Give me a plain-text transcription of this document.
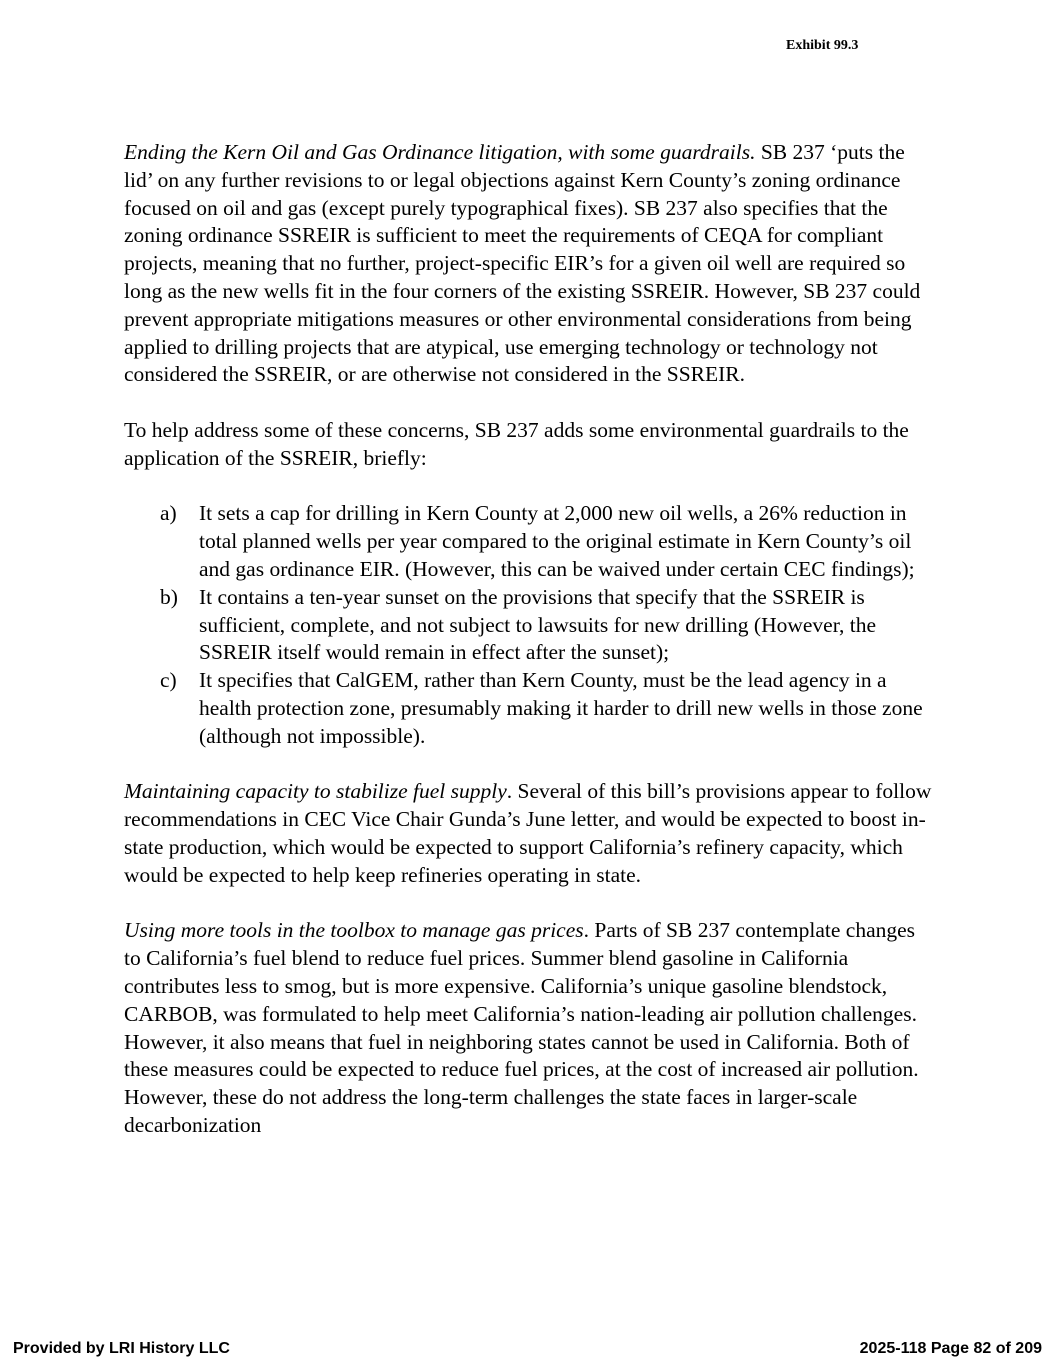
Exhibit 99.3

Ending the Kern Oil and Gas Ordinance litigation, with some guardrails. SB 237 ‘puts the lid’ on any further revisions to or legal objections against Kern County’s zoning ordinance focused on oil and gas (except purely typographical fixes). SB 237 also specifies that the zoning ordinance SSREIR is sufficient to meet the requirements of CEQA for compliant projects, meaning that no further, project-specific EIR’s for a given oil well are required so long as the new wells fit in the four corners of the existing SSREIR. However, SB 237 could prevent appropriate mitigations measures or other environmental considerations from being applied to drilling projects that are atypical, use emerging technology or technology not considered the SSREIR, or are otherwise not considered in the SSREIR.

To help address some of these concerns, SB 237 adds some environmental guardrails to the application of the SSREIR, briefly:

a) It sets a cap for drilling in Kern County at 2,000 new oil wells, a 26% reduction in total planned wells per year compared to the original estimate in Kern County’s oil and gas ordinance EIR. (However, this can be waived under certain CEC findings);
b) It contains a ten-year sunset on the provisions that specify that the SSREIR is sufficient, complete, and not subject to lawsuits for new drilling (However, the SSREIR itself would remain in effect after the sunset);
c) It specifies that CalGEM, rather than Kern County, must be the lead agency in a health protection zone, presumably making it harder to drill new wells in those zone (although not impossible).

Maintaining capacity to stabilize fuel supply. Several of this bill’s provisions appear to follow recommendations in CEC Vice Chair Gunda’s June letter, and would be expected to boost in-state production, which would be expected to support California’s refinery capacity, which would be expected to help keep refineries operating in state.

Using more tools in the toolbox to manage gas prices. Parts of SB 237 contemplate changes to California’s fuel blend to reduce fuel prices. Summer blend gasoline in California contributes less to smog, but is more expensive. California’s unique gasoline blendstock, CARBOB, was formulated to help meet California’s nation-leading air pollution challenges. However, it also means that fuel in neighboring states cannot be used in California. Both of these measures could be expected to reduce fuel prices, at the cost of increased air pollution. However, these do not address the long-term challenges the state faces in larger-scale decarbonization

Provided by LRI History LLC	2025-118 Page 82 of 209
